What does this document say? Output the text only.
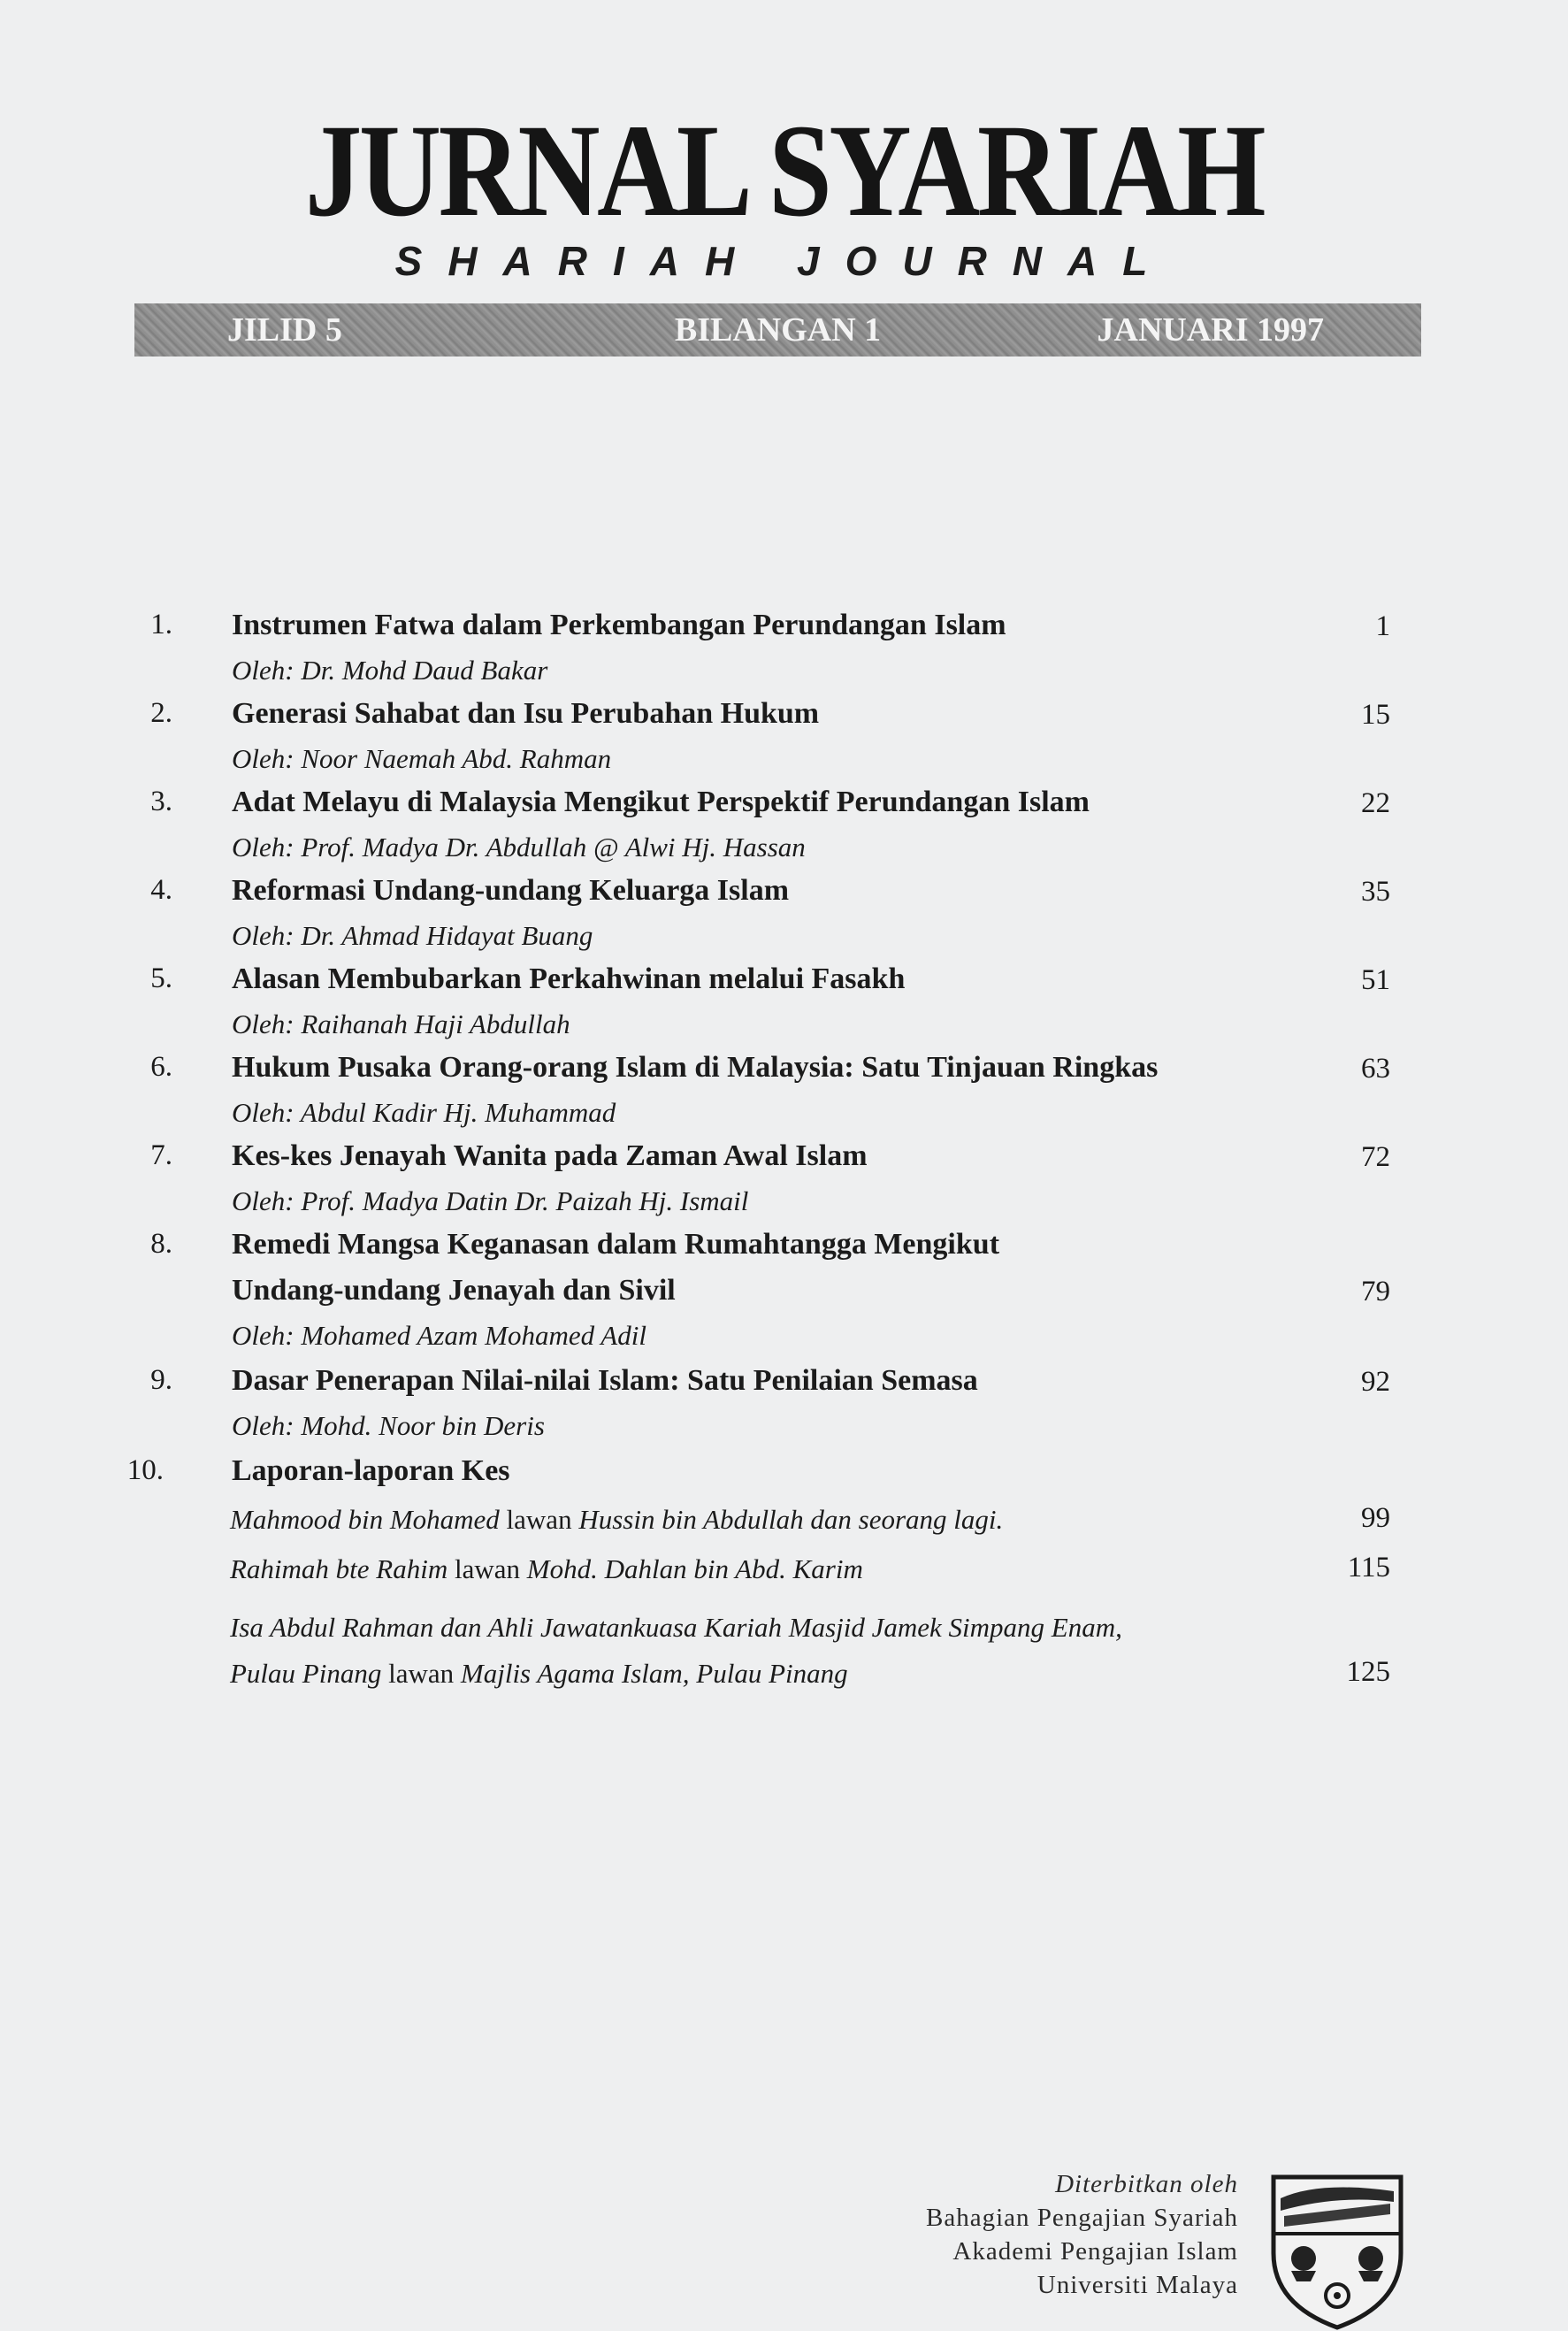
JURNAL SYARIAH
SHARIAH JOURNAL
JILID 5	BILANGAN 1	JANUARI 1997
1. Instrumen Fatwa dalam Perkembangan Perundangan Islam	1
Oleh: Dr. Mohd Daud Bakar
2. Generasi Sahabat dan Isu Perubahan Hukum	15
Oleh: Noor Naemah Abd. Rahman
3. Adat Melayu di Malaysia Mengikut Perspektif Perundangan Islam	22
Oleh: Prof. Madya Dr. Abdullah @ Alwi Hj. Hassan
4. Reformasi Undang-undang Keluarga Islam	35
Oleh: Dr. Ahmad Hidayat Buang
5. Alasan Membubarkan Perkahwinan melalui Fasakh	51
Oleh: Raihanah Haji Abdullah
6. Hukum Pusaka Orang-orang Islam di Malaysia: Satu Tinjauan Ringkas	63
Oleh: Abdul Kadir Hj. Muhammad
7. Kes-kes Jenayah Wanita pada Zaman Awal Islam	72
Oleh: Prof. Madya Datin Dr. Paizah Hj. Ismail
8. Remedi Mangsa Keganasan dalam Rumahtangga Mengikut
Undang-undang Jenayah dan Sivil	79
Oleh: Mohamed Azam Mohamed Adil
9. Dasar Penerapan Nilai-nilai Islam: Satu Penilaian Semasa	92
Oleh: Mohd. Noor bin Deris
10. Laporan-laporan Kes
Mahmood bin Mohamed lawan Hussin bin Abdullah dan seorang lagi.	99
Rahimah bte Rahim lawan Mohd. Dahlan bin Abd. Karim	115
Isa Abdul Rahman dan Ahli Jawatankuasa Kariah Masjid Jamek Simpang Enam,
Pulau Pinang lawan Majlis Agama Islam, Pulau Pinang	125
Diterbitkan oleh
Bahagian Pengajian Syariah
Akademi Pengajian Islam
Universiti Malaya
